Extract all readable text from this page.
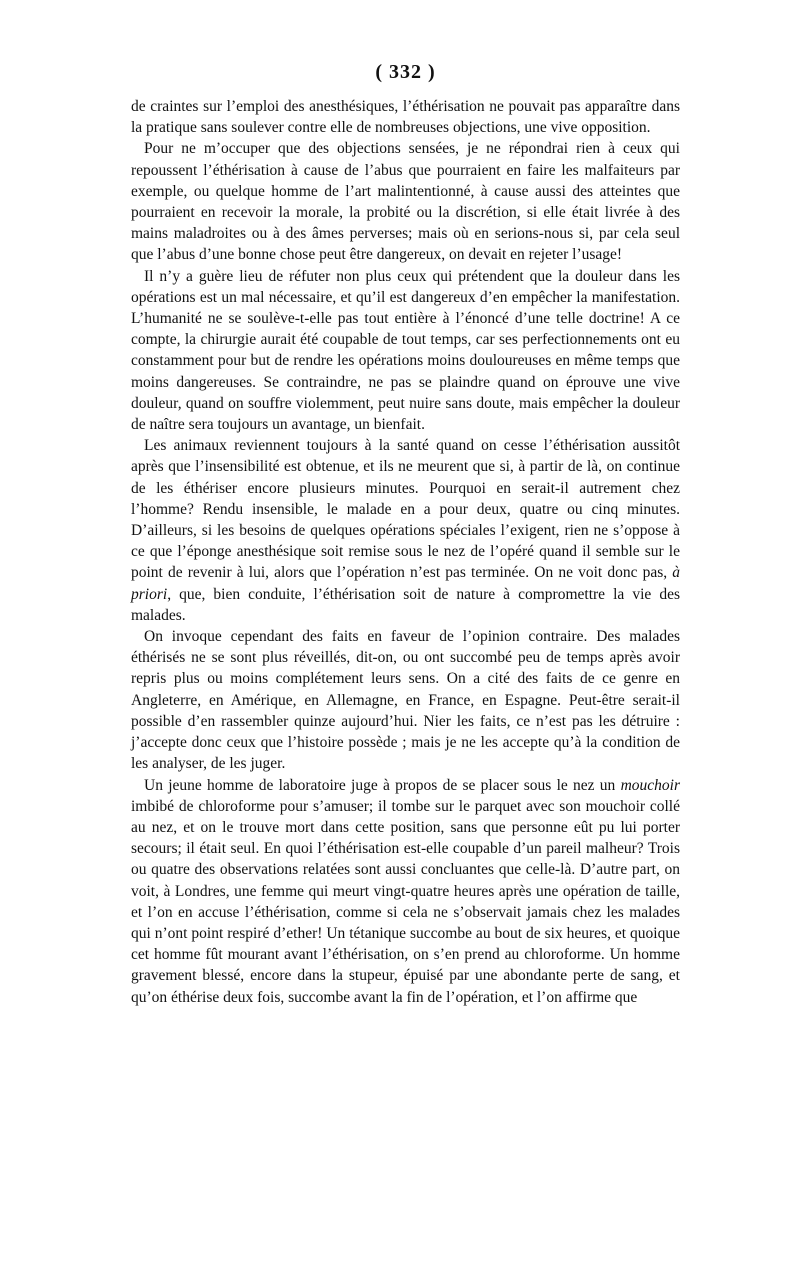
( 332 )

de craintes sur l’emploi des anesthésiques, l’éthérisation ne pouvait pas apparaître dans la pratique sans soulever contre elle de nombreuses objections, une vive opposition.

Pour ne m’occuper que des objections sensées, je ne répondrai rien à ceux qui repoussent l’éthérisation à cause de l’abus que pourraient en faire les malfaiteurs par exemple, ou quelque homme de l’art malintentionné, à cause aussi des atteintes que pourraient en recevoir la morale, la probité ou la discrétion, si elle était livrée à des mains maladroites ou à des âmes perverses; mais où en serions-nous si, par cela seul que l’abus d’une bonne chose peut être dangereux, on devait en rejeter l’usage!

Il n’y a guère lieu de réfuter non plus ceux qui prétendent que la douleur dans les opérations est un mal nécessaire, et qu’il est dangereux d’en empêcher la manifestation. L’humanité ne se soulève-t-elle pas tout entière à l’énoncé d’une telle doctrine! A ce compte, la chirurgie aurait été coupable de tout temps, car ses perfectionnements ont eu constamment pour but de rendre les opérations moins douloureuses en même temps que moins dangereuses. Se contraindre, ne pas se plaindre quand on éprouve une vive douleur, quand on souffre violemment, peut nuire sans doute, mais empêcher la douleur de naître sera toujours un avantage, un bienfait.

Les animaux reviennent toujours à la santé quand on cesse l’éthérisation aussitôt après que l’insensibilité est obtenue, et ils ne meurent que si, à partir de là, on continue de les éthériser encore plusieurs minutes. Pourquoi en serait-il autrement chez l’homme? Rendu insensible, le malade en a pour deux, quatre ou cinq minutes. D’ailleurs, si les besoins de quelques opérations spéciales l’exigent, rien ne s’oppose à ce que l’éponge anesthésique soit remise sous le nez de l’opéré quand il semble sur le point de revenir à lui, alors que l’opération n’est pas terminée. On ne voit donc pas, à priori, que, bien conduite, l’éthérisation soit de nature à compromettre la vie des malades.

On invoque cependant des faits en faveur de l’opinion contraire. Des malades éthérisés ne se sont plus réveillés, dit-on, ou ont succombé peu de temps après avoir repris plus ou moins complétement leurs sens. On a cité des faits de ce genre en Angleterre, en Amérique, en Allemagne, en France, en Espagne. Peut-être serait-il possible d’en rassembler quinze aujourd’hui. Nier les faits, ce n’est pas les détruire : j’accepte donc ceux que l’histoire possède ; mais je ne les accepte qu’à la condition de les analyser, de les juger.

Un jeune homme de laboratoire juge à propos de se placer sous le nez un mouchoir imbibé de chloroforme pour s’amuser; il tombe sur le parquet avec son mouchoir collé au nez, et on le trouve mort dans cette position, sans que personne eût pu lui porter secours; il était seul. En quoi l’éthérisation est-elle coupable d’un pareil malheur? Trois ou quatre des observations relatées sont aussi concluantes que celle-là. D’autre part, on voit, à Londres, une femme qui meurt vingt-quatre heures après une opération de taille, et l’on en accuse l’éthérisation, comme si cela ne s’observait jamais chez les malades qui n’ont point respiré d’ether! Un tétanique succombe au bout de six heures, et quoique cet homme fût mourant avant l’éthérisation, on s’en prend au chloroforme. Un homme gravement blessé, encore dans la stupeur, épuisé par une abondante perte de sang, et qu’on éthérise deux fois, succombe avant la fin de l’opération, et l’on affirme que
